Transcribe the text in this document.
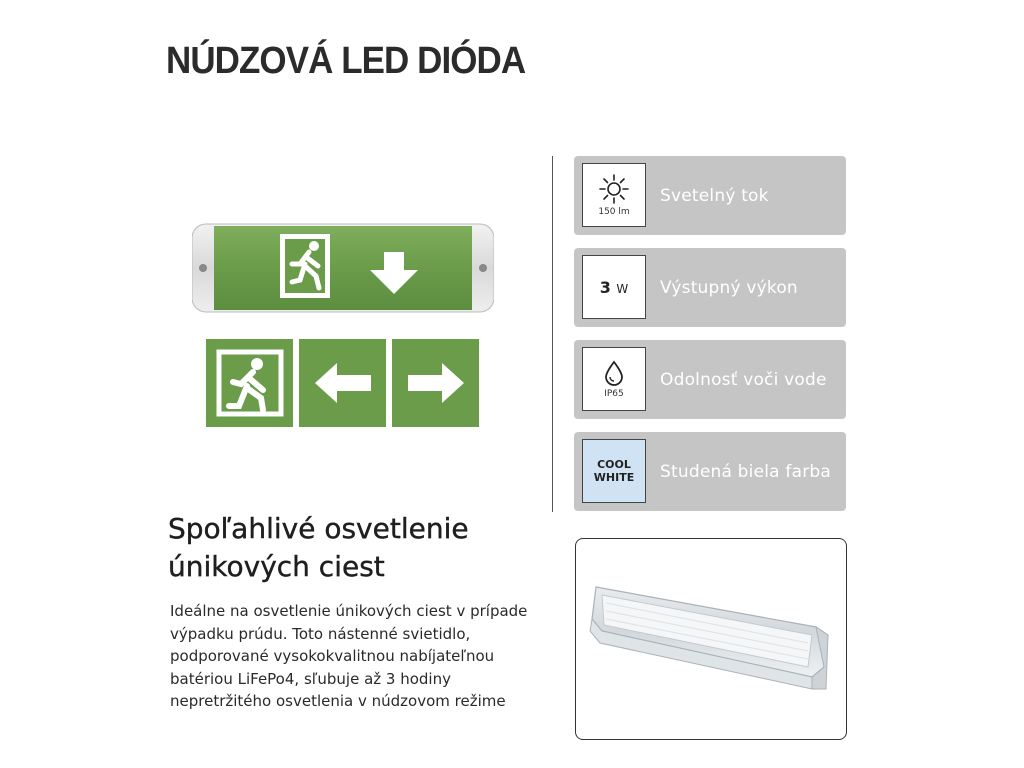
NÚDZOVÁ LED DIÓDA
150 lm
Svetelný tok
3 W Výstupný výkon
IP65
Odolnosť voči vode
COOL
WHITE Studená biela farba
Spoľahlivé osvetlenie
únikových ciest

Ideálne na osvetlenie únikových ciest v prípade výpadku prúdu. Toto nástenné svietidlo, podporované vysokokvalitnou nabíjateľnou batériou LiFePo4, sľubuje až 3 hodiny nepretržitého osvetlenia v núdzovom režime
